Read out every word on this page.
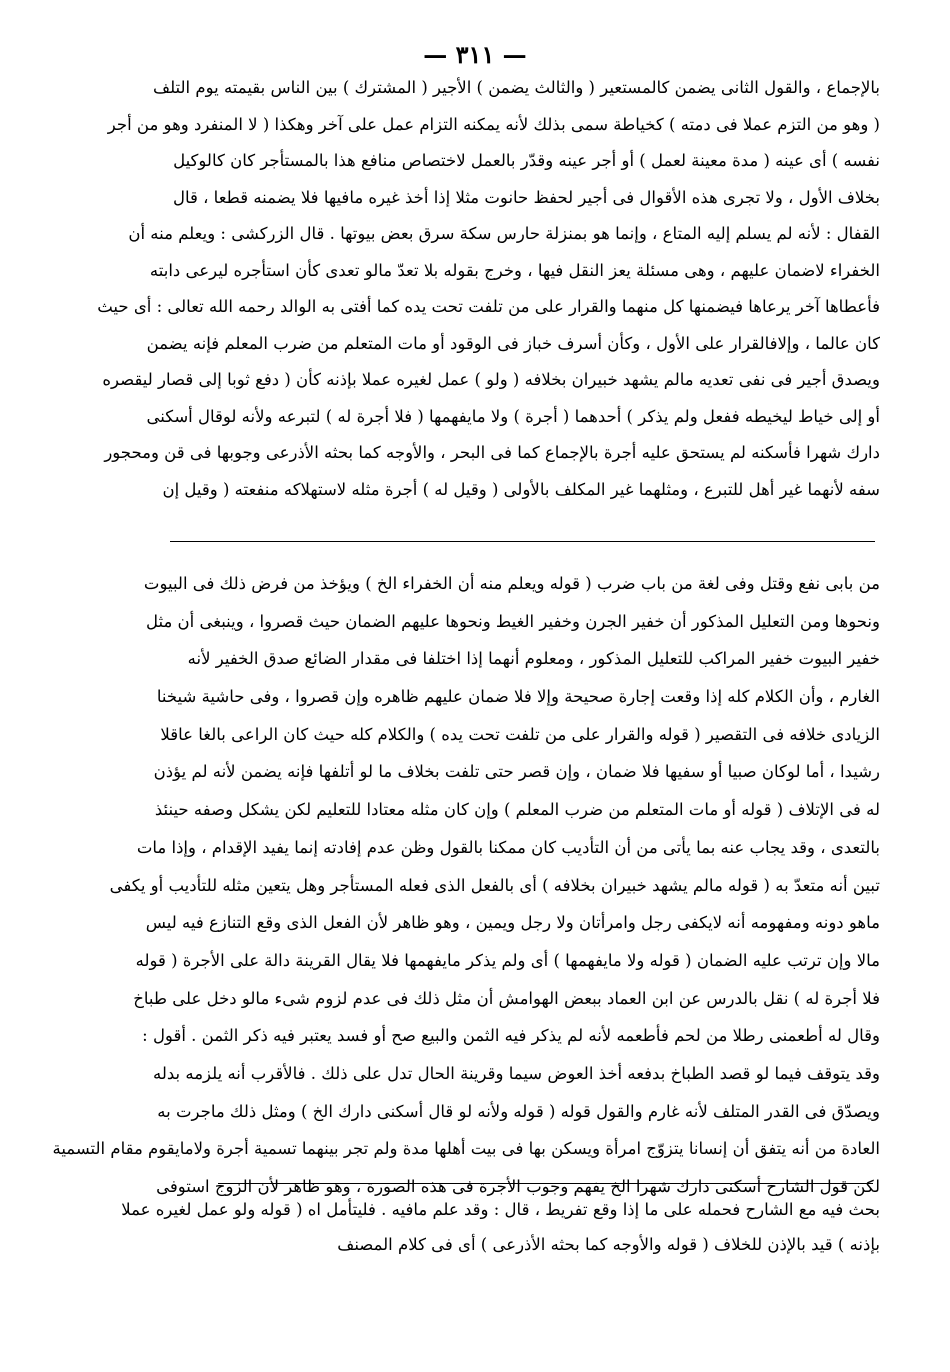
— ٣١١ —
بالإجماع ، والقول الثانى يضمن كالمستعير ( والثالث يضمن ) الأجير ( المشترك ) بين الناس بقيمته يوم التلف
( وهو من التزم عملا فى دمته ) كخياطة سمى بذلك لأنه يمكنه التزام عمل على آخر وهكذا ( لا المنفرد وهو من أجر
نفسه ) أى عينه ( مدة معينة لعمل ) أو أجر عينه وقدّر بالعمل لاختصاص منافع هذا بالمستأجر كان كالوكيل
بخلاف الأول ، ولا تجرى هذه الأقوال فى أجير لحفظ حانوت مثلا إذا أخذ غيره مافيها فلا يضمنه قطعا ، قال
القفال : لأنه لم يسلم إليه المتاع ، وإنما هو بمنزلة حارس سكة سرق بعض بيوتها . قال الزركشى : ويعلم منه أن
الخفراء لاضمان عليهم ، وهى مسئلة يعز النقل فيها ، وخرج بقوله بلا تعدّ مالو تعدى كأن استأجره ليرعى دابته
فأعطاها آخر يرعاها فيضمنها كل منهما والقرار على من تلفت تحت يده كما أفتى به الوالد رحمه الله تعالى : أى حيث
كان عالما ، وإلافالقرار على الأول ، وكأن أسرف خباز فى الوقود أو مات المتعلم من ضرب المعلم فإنه يضمن
ويصدق أجير فى نفى تعديه مالم يشهد خبيران بخلافه ( ولو ) عمل لغيره عملا بإذنه كأن ( دفع ثوبا إلى قصار ليقصره
أو إلى خياط ليخيطه ففعل ولم يذكر ) أحدهما ( أجرة ) ولا مايفهمها ( فلا أجرة له ) لتبرعه ولأنه لوقال أسكنى
دارك شهرا فأسكنه لم يستحق عليه أجرة بالإجماع كما فى البحر ، والأوجه كما بحثه الأذرعى وجوبها فى قن ومحجور
سفه لأنهما غير أهل للتبرع ، ومثلهما غير المكلف بالأولى ( وقيل له ) أجرة مثله لاستهلاكه منفعته ( وقيل إن
من بابى نفع وقتل وفى لغة من باب ضرب ( قوله ويعلم منه أن الخفراء الخ ) ويؤخذ من فرض ذلك فى البيوت
ونحوها ومن التعليل المذكور أن خفير الجرن وخفير الغيط ونحوها عليهم الضمان حيث قصروا ، وينبغى أن مثل
خفير البيوت خفير المراكب للتعليل المذكور ، ومعلوم أنهما إذا اختلفا فى مقدار الضائع صدق الخفير لأنه
الغارم ، وأن الكلام كله إذا وقعت إجارة صحيحة وإلا فلا ضمان عليهم ظاهره وإن قصروا ، وفى حاشية شيخنا
الزيادى خلافه فى التقصير ( قوله والقرار على من تلفت تحت يده ) والكلام كله حيث كان الراعى بالغا عاقلا
رشيدا ، أما لوكان صبيا أو سفيها فلا ضمان ، وإن قصر حتى تلفت بخلاف ما لو أتلفها فإنه يضمن لأنه لم يؤذن
له فى الإتلاف ( قوله أو مات المتعلم من ضرب المعلم ) وإن كان مثله معتادا للتعليم لكن يشكل وصفه حينئذ
بالتعدى ، وقد يجاب عنه بما يأتى من أن التأديب كان ممكنا بالقول وظن عدم إفادته إنما يفيد الإقدام ، وإذا مات
تبين أنه متعدّ به ( قوله مالم يشهد خبيران بخلافه ) أى بالفعل الذى فعله المستأجر وهل يتعين مثله للتأديب أو يكفى
ماهو دونه ومفهومه أنه لايكفى رجل وامرأتان ولا رجل ويمين ، وهو ظاهر لأن الفعل الذى وقع التنازع فيه ليس
مالا وإن ترتب عليه الضمان ( قوله ولا مايفهمها ) أى ولم يذكر مايفهمها فلا يقال القرينة دالة على الأجرة ( قوله
فلا أجرة له ) نقل بالدرس عن ابن العماد ببعض الهوامش أن مثل ذلك فى عدم لزوم شىء مالو دخل على طباخ
وقال له أطعمنى رطلا من لحم فأطعمه لأنه لم يذكر فيه الثمن والبيع صح أو فسد يعتبر فيه ذكر الثمن . أقول :
وقد يتوقف فيما لو قصد الطباخ بدفعه أخذ العوض سيما وقرينة الحال تدل على ذلك . فالأقرب أنه يلزمه بدله
ويصدّق فى القدر المتلف لأنه غارم والقول قوله ( قوله ولأنه لو قال أسكنى دارك الخ ) ومثل ذلك ماجرت به
العادة من أنه يتفق أن إنسانا يتزوّج امرأة ويسكن بها فى بيت أهلها مدة ولم تجر بينهما تسمية أجرة ولامايقوم مقام التسمية
لكن قول الشارح أسكنى دارك شهرا الخ يفهم وجوب الأجرة فى هذه الصورة ، وهو ظاهر لأن الزوج استوفى
بحث فيه مع الشارح فحمله على ما إذا وقع تفريط ، قال : وقد علم مافيه . فليتأمل اه ( قوله ولو عمل لغيره عملا
بإذنه ) قيد بالإذن للخلاف ( قوله والأوجه كما بحثه الأذرعى ) أى فى كلام المصنف
